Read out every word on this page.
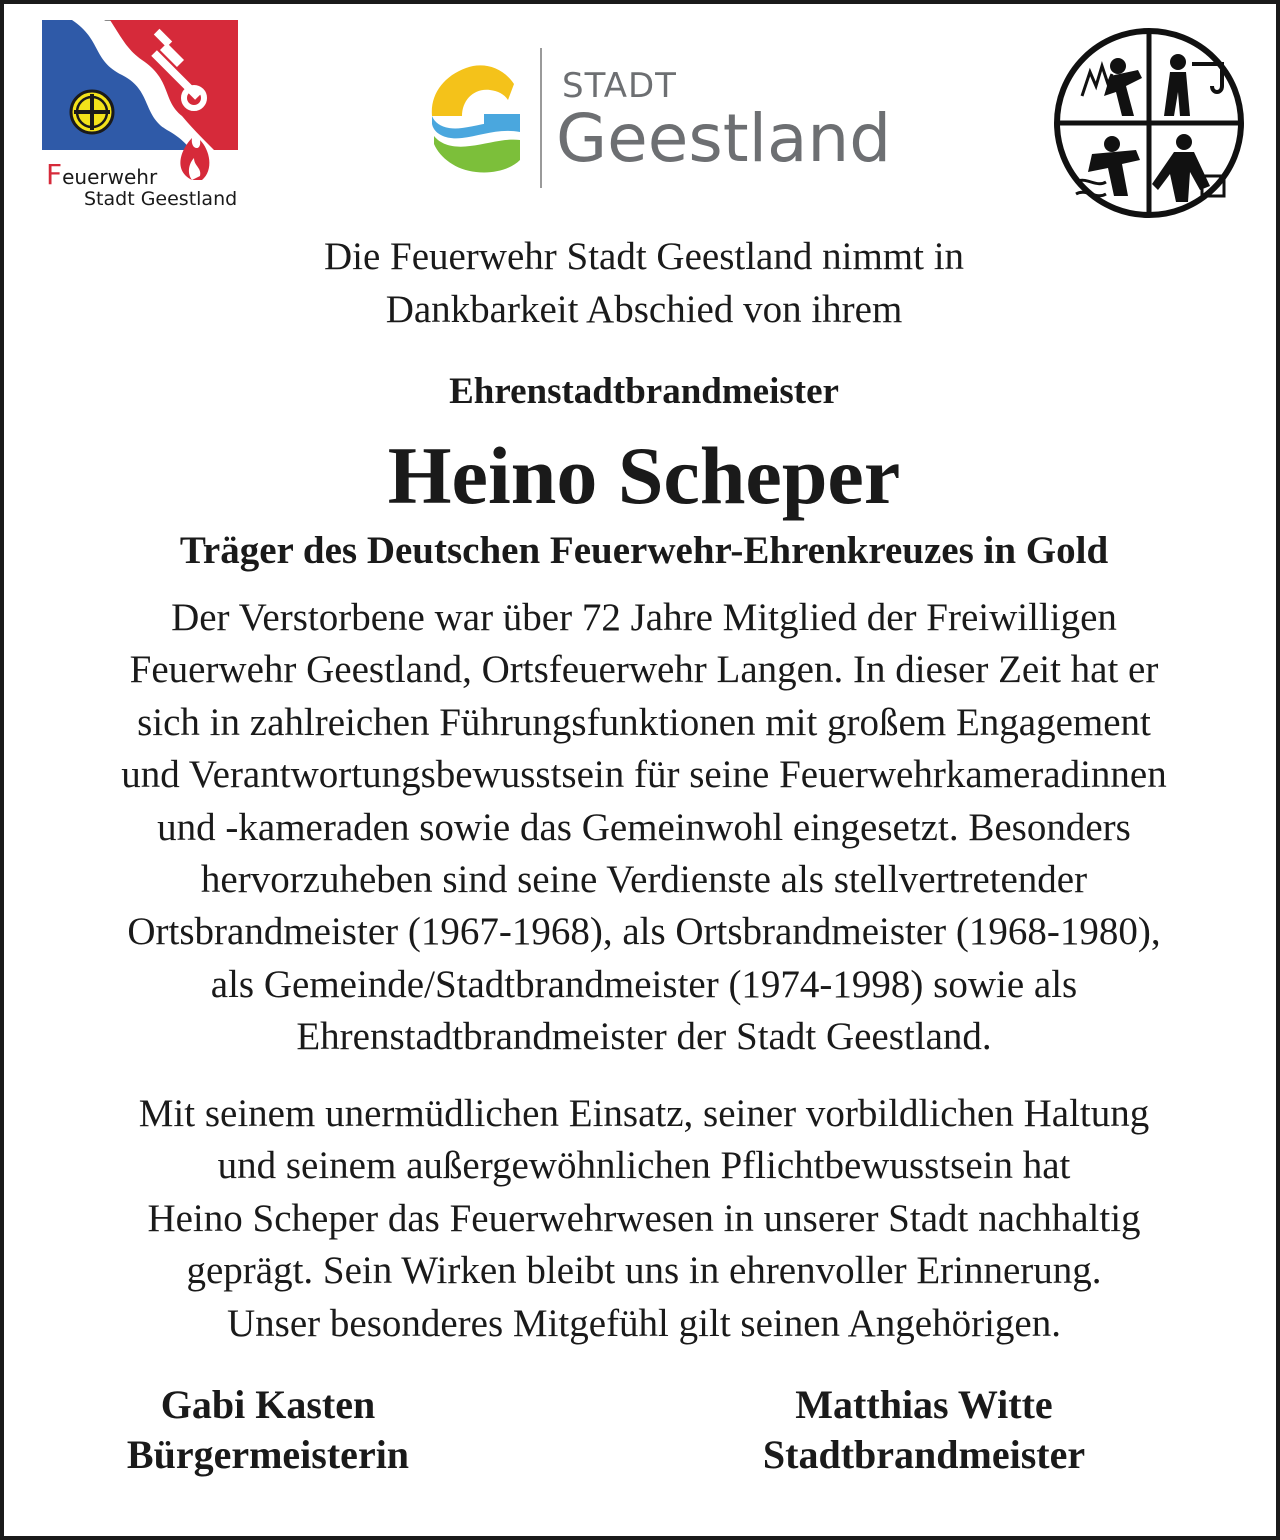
Feuerwehr
Stadt Geestland
STADT
Geestland
Die Feuerwehr Stadt Geestland nimmt in
Dankbarkeit Abschied von ihrem
Ehrenstadtbrandmeister
Heino Scheper
Träger des Deutschen Feuerwehr-Ehrenkreuzes in Gold
Der Verstorbene war über 72 Jahre Mitglied der Freiwilligen
Feuerwehr Geestland, Ortsfeuerwehr Langen. In dieser Zeit hat er
sich in zahlreichen Führungsfunktionen mit großem Engagement
und Verantwortungsbewusstsein für seine Feuerwehrkameradinnen
und -kameraden sowie das Gemeinwohl eingesetzt. Besonders
hervorzuheben sind seine Verdienste als stellvertretender
Ortsbrandmeister (1967-1968), als Ortsbrandmeister (1968-1980),
als Gemeinde/Stadtbrandmeister (1974-1998) sowie als
Ehrenstadtbrandmeister der Stadt Geestland.
Mit seinem unermüdlichen Einsatz, seiner vorbildlichen Haltung
und seinem außergewöhnlichen Pflichtbewusstsein hat
Heino Scheper das Feuerwehrwesen in unserer Stadt nachhaltig
geprägt. Sein Wirken bleibt uns in ehrenvoller Erinnerung.
Unser besonderes Mitgefühl gilt seinen Angehörigen.
Gabi Kasten
Bürgermeisterin
Matthias Witte
Stadtbrandmeister
